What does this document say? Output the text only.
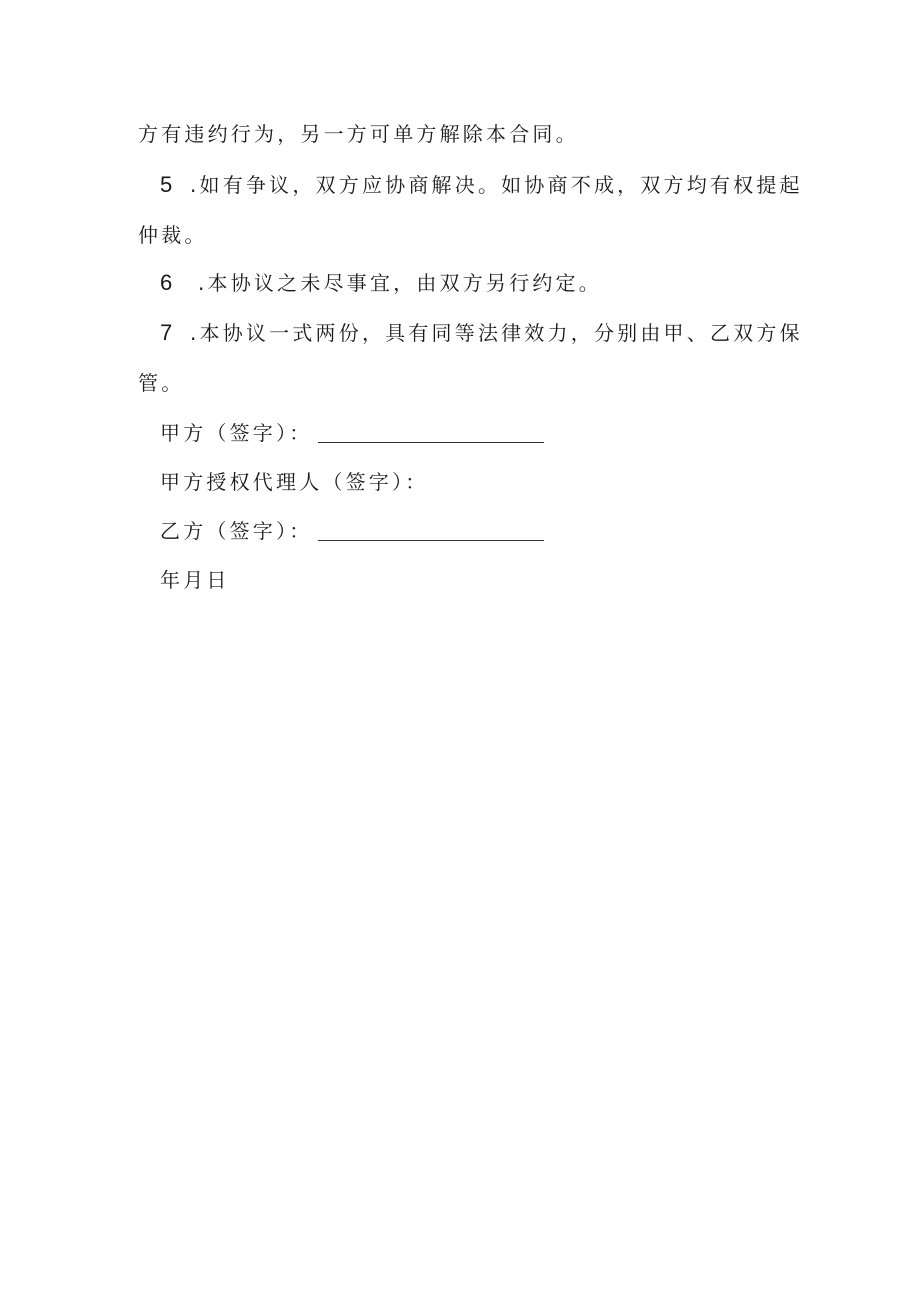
方有违约行为，另一方可单方解除本合同。
5 .如有争议，双方应协商解决。如协商不成，双方均有权提起
仲裁。
6 .本协议之未尽事宜，由双方另行约定。
7 .本协议一式两份，具有同等法律效力，分别由甲、乙双方保
管。
甲方（签字）：
甲方授权代理人（签字）：
乙方（签字）：
年月日
